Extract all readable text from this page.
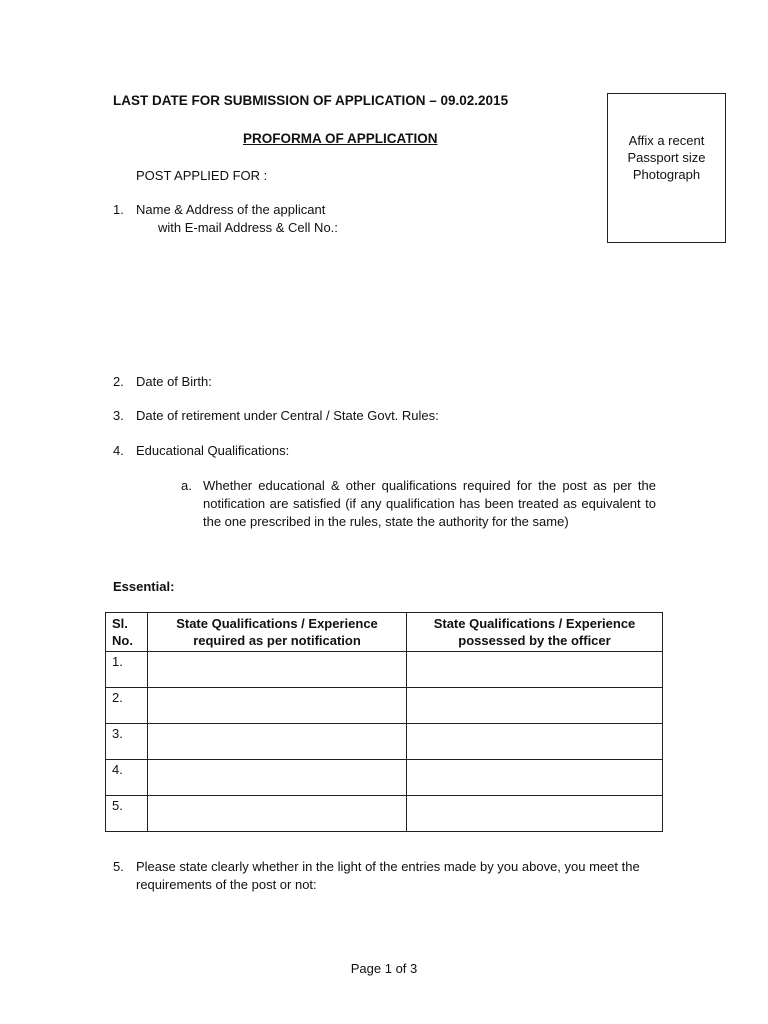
LAST DATE FOR SUBMISSION OF APPLICATION – 09.02.2015
PROFORMA OF APPLICATION	Affix a recent
Passport size
Photograph
POST APPLIED FOR :
1. Name & Address of the applicant
with E-mail Address & Cell No.:
2. Date of Birth:
3. Date of retirement under Central / State Govt. Rules:
4. Educational Qualifications:
a. Whether educational & other qualifications required for the post as per the notification are satisfied (if any qualification has been treated as equivalent to the one prescribed in the rules, state the authority for the same)
Essential:
Sl. No.	State Qualifications / Experience required as per notification	State Qualifications / Experience possessed by the officer
1.		
2.		
3.		
4.		
5.		
5. Please state clearly whether in the light of the entries made by you above, you meet the requirements of the post or not:
Page 1 of 3
